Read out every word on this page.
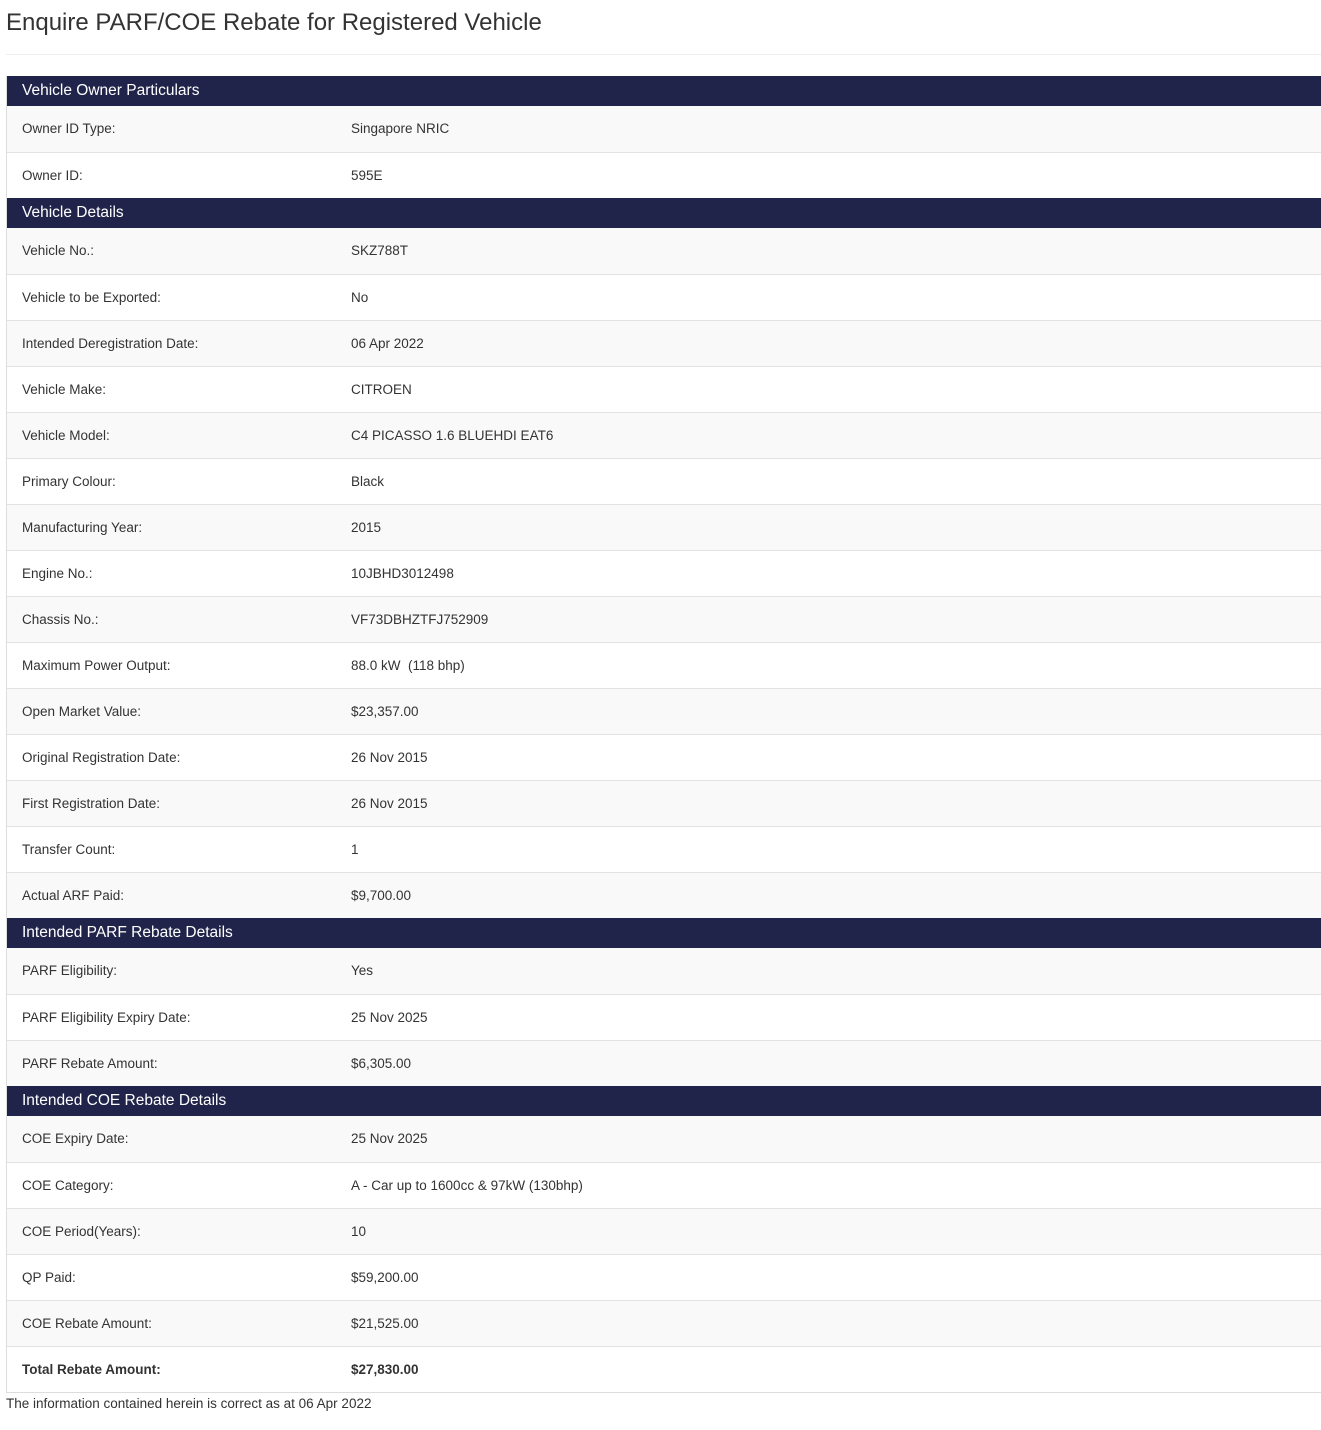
Enquire PARF/COE Rebate for Registered Vehicle
Vehicle Owner Particulars
Owner ID Type:	Singapore NRIC
Owner ID:	595E
Vehicle Details
Vehicle No.:	SKZ788T
Vehicle to be Exported:	No
Intended Deregistration Date:	06 Apr 2022
Vehicle Make:	CITROEN
Vehicle Model:	C4 PICASSO 1.6 BLUEHDI EAT6
Primary Colour:	Black
Manufacturing Year:	2015
Engine No.:	10JBHD3012498
Chassis No.:	VF73DBHZTFJ752909
Maximum Power Output:	88.0 kW  (118 bhp)
Open Market Value:	$23,357.00
Original Registration Date:	26 Nov 2015
First Registration Date:	26 Nov 2015
Transfer Count:	1
Actual ARF Paid:	$9,700.00
Intended PARF Rebate Details
PARF Eligibility:	Yes
PARF Eligibility Expiry Date:	25 Nov 2025
PARF Rebate Amount:	$6,305.00
Intended COE Rebate Details
COE Expiry Date:	25 Nov 2025
COE Category:	A - Car up to 1600cc & 97kW (130bhp)
COE Period(Years):	10
QP Paid:	$59,200.00
COE Rebate Amount:	$21,525.00
Total Rebate Amount:	$27,830.00
The information contained herein is correct as at 06 Apr 2022
